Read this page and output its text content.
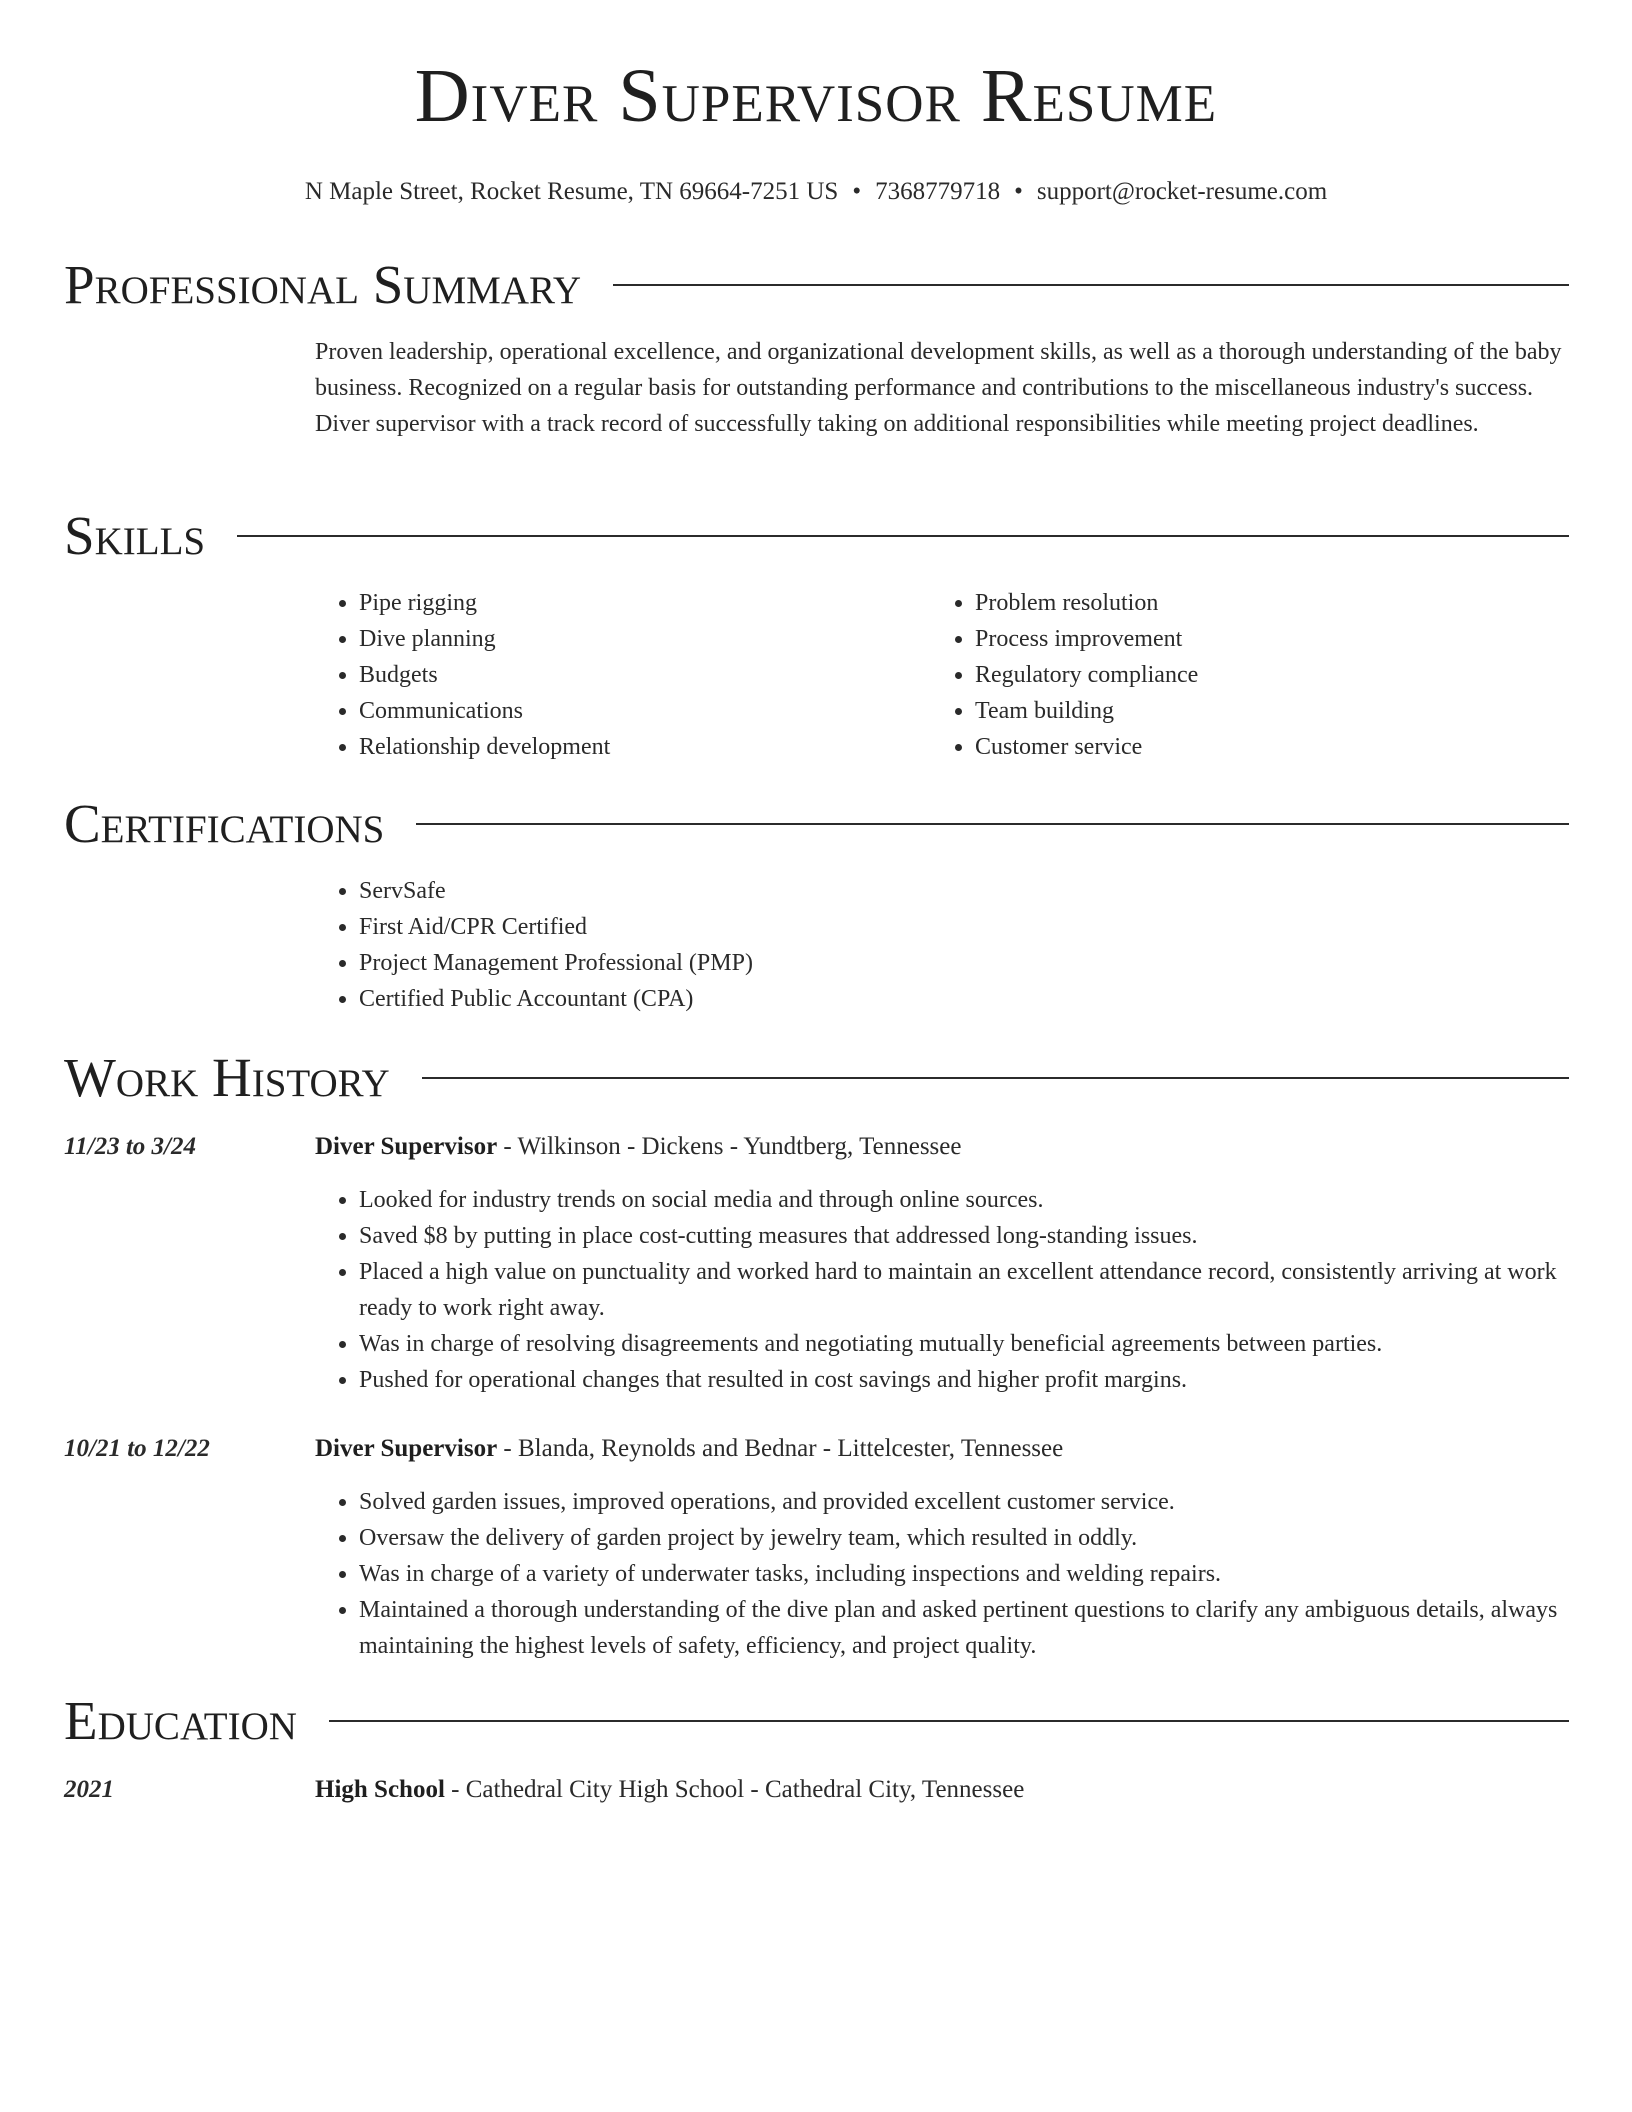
Diver Supervisor Resume
N Maple Street, Rocket Resume, TN 69664-7251 US • 7368779718 • support@rocket-resume.com
Professional Summary
Proven leadership, operational excellence, and organizational development skills, as well as a thorough understanding of the baby business. Recognized on a regular basis for outstanding performance and contributions to the miscellaneous industry's success. Diver supervisor with a track record of successfully taking on additional responsibilities while meeting project deadlines.
Skills
• Pipe rigging
• Dive planning
• Budgets
• Communications
• Relationship development
• Problem resolution
• Process improvement
• Regulatory compliance
• Team building
• Customer service
Certifications
• ServSafe
• First Aid/CPR Certified
• Project Management Professional (PMP)
• Certified Public Accountant (CPA)
Work History
11/23 to 3/24	Diver Supervisor - Wilkinson - Dickens - Yundtberg, Tennessee
• Looked for industry trends on social media and through online sources.
• Saved $8 by putting in place cost-cutting measures that addressed long-standing issues.
• Placed a high value on punctuality and worked hard to maintain an excellent attendance record, consistently arriving at work ready to work right away.
• Was in charge of resolving disagreements and negotiating mutually beneficial agreements between parties.
• Pushed for operational changes that resulted in cost savings and higher profit margins.
10/21 to 12/22	Diver Supervisor - Blanda, Reynolds and Bednar - Littelcester, Tennessee
• Solved garden issues, improved operations, and provided excellent customer service.
• Oversaw the delivery of garden project by jewelry team, which resulted in oddly.
• Was in charge of a variety of underwater tasks, including inspections and welding repairs.
• Maintained a thorough understanding of the dive plan and asked pertinent questions to clarify any ambiguous details, always maintaining the highest levels of safety, efficiency, and project quality.
Education
2021	High School - Cathedral City High School - Cathedral City, Tennessee
